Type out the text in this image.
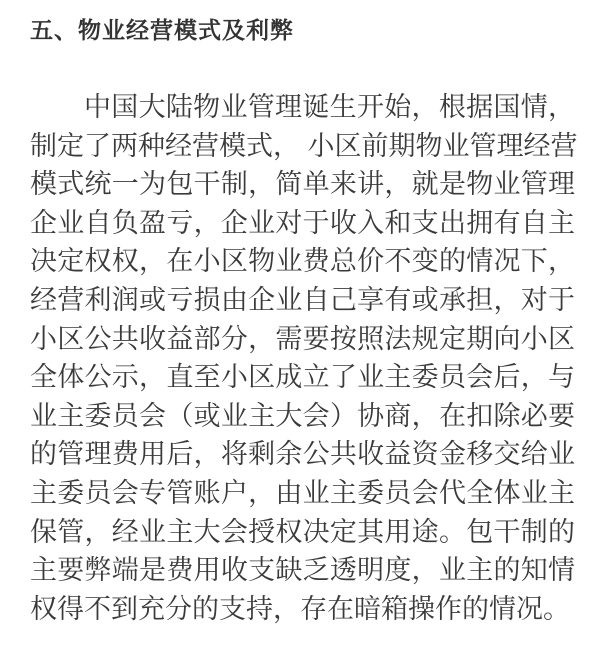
五、物业经营模式及利弊
中国大陆物业管理诞生开始，根据国情，
制定了两种经营模式， 小区前期物业管理经营
模式统一为包干制，简单来讲，就是物业管理
企业自负盈亏，企业对于收入和支出拥有自主
决定权权，在小区物业费总价不变的情况下，
经营利润或亏损由企业自己享有或承担，对于
小区公共收益部分，需要按照法规定期向小区
全体公示，直至小区成立了业主委员会后，与
业主委员会（或业主大会）协商，在扣除必要
的管理费用后，将剩余公共收益资金移交给业
主委员会专管账户，由业主委员会代全体业主
保管，经业主大会授权决定其用途。包干制的
主要弊端是费用收支缺乏透明度，业主的知情
权得不到充分的支持，存在暗箱操作的情况。
